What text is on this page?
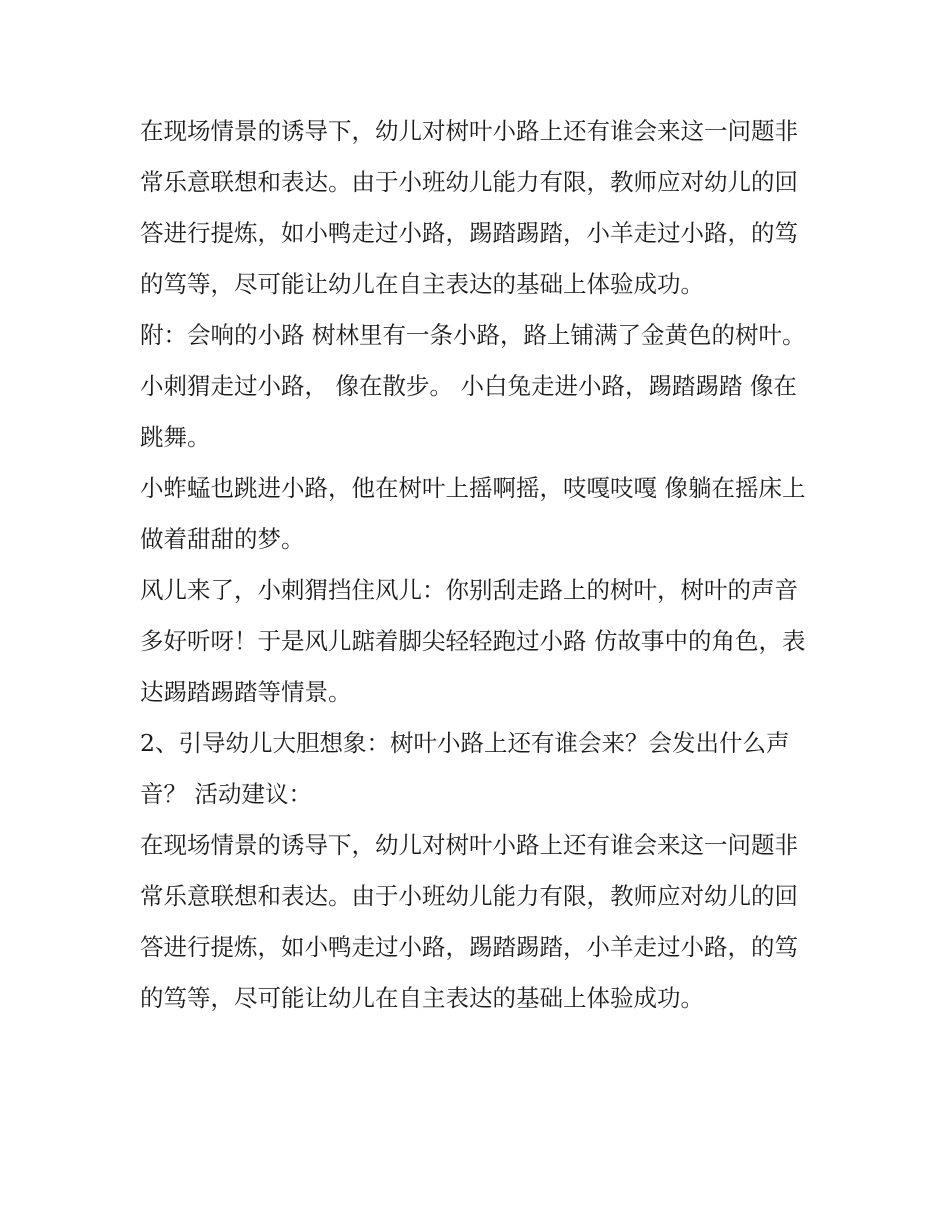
在现场情景的诱导下，幼儿对树叶小路上还有谁会来这一问题非常乐意联想和表达。由于小班幼儿能力有限，教师应对幼儿的回答进行提炼，如小鸭走过小路，踢踏踢踏，小羊走过小路，的笃的笃等，尽可能让幼儿在自主表达的基础上体验成功。

附：会响的小路 树林里有一条小路，路上铺满了金黄色的树叶。 小刺猬走过小路， 像在散步。 小白兔走进小路，踢踏踢踏 像在跳舞。

小蚱蜢也跳进小路，他在树叶上摇啊摇，吱嘎吱嘎 像躺在摇床上做着甜甜的梦。

风儿来了，小刺猬挡住风儿：你别刮走路上的树叶，树叶的声音多好听呀！于是风儿踮着脚尖轻轻跑过小路 仿故事中的角色，表达踢踏踢踏等情景。

2、引导幼儿大胆想象：树叶小路上还有谁会来？会发出什么声音？ 活动建议：

在现场情景的诱导下，幼儿对树叶小路上还有谁会来这一问题非常乐意联想和表达。由于小班幼儿能力有限，教师应对幼儿的回答进行提炼，如小鸭走过小路，踢踏踢踏，小羊走过小路，的笃的笃等，尽可能让幼儿在自主表达的基础上体验成功。
